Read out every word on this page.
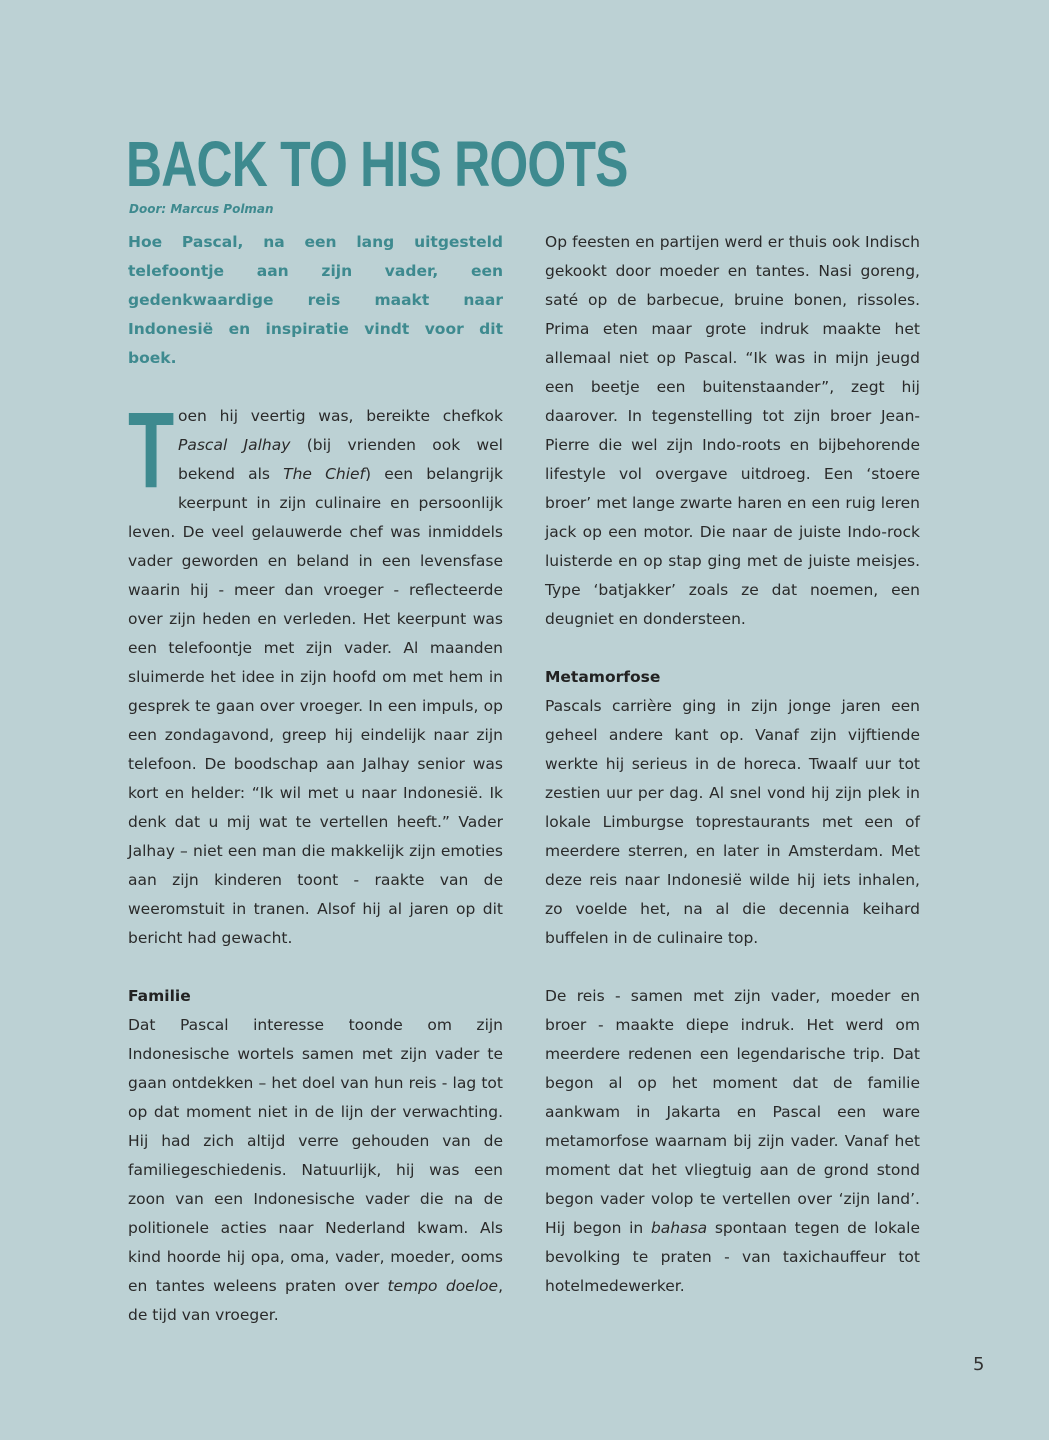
BACK TO HIS ROOTS
Door: Marcus Polman

Hoe Pascal, na een lang uitgesteld telefoontje aan zijn vader, een gedenkwaardige reis maakt naar Indonesië en inspiratie vindt voor dit boek.

Toen hij veertig was, bereikte chefkok Pascal Jalhay (bij vrienden ook wel bekend als The Chief) een belangrijk keerpunt in zijn culinaire en persoonlijk leven. De veel gelauwerde chef was inmiddels vader geworden en beland in een levensfase waarin hij - meer dan vroeger - reflecteerde over zijn heden en verleden. Het keerpunt was een telefoontje met zijn vader. Al maanden sluimerde het idee in zijn hoofd om met hem in gesprek te gaan over vroeger. In een impuls, op een zondagavond, greep hij eindelijk naar zijn telefoon. De boodschap aan Jalhay senior was kort en helder: “Ik wil met u naar Indonesië. Ik denk dat u mij wat te vertellen heeft.” Vader Jalhay – niet een man die makkelijk zijn emoties aan zijn kinderen toont - raakte van de weeromstuit in tranen. Alsof hij al jaren op dit bericht had gewacht.

Familie

Dat Pascal interesse toonde om zijn Indonesische wortels samen met zijn vader te gaan ontdekken – het doel van hun reis - lag tot op dat moment niet in de lijn der verwachting. Hij had zich altijd verre gehouden van de familiegeschiedenis. Natuurlijk, hij was een zoon van een Indonesische vader die na de politionele acties naar Nederland kwam. Als kind hoorde hij opa, oma, vader, moeder, ooms en tantes weleens praten over tempo doeloe, de tijd van vroeger.

Op feesten en partijen werd er thuis ook Indisch gekookt door moeder en tantes. Nasi goreng, saté op de barbecue, bruine bonen, rissoles. Prima eten maar grote indruk maakte het allemaal niet op Pascal. “Ik was in mijn jeugd een beetje een buitenstaander”, zegt hij daarover. In tegenstelling tot zijn broer Jean-Pierre die wel zijn Indo-roots en bijbehorende lifestyle vol overgave uitdroeg. Een ‘stoere broer’ met lange zwarte haren en een ruig leren jack op een motor. Die naar de juiste Indo-rock luisterde en op stap ging met de juiste meisjes. Type ‘batjakker’ zoals ze dat noemen, een deugniet en dondersteen.

Metamorfose

Pascals carrière ging in zijn jonge jaren een geheel andere kant op. Vanaf zijn vijftiende werkte hij serieus in de horeca. Twaalf uur tot zestien uur per dag. Al snel vond hij zijn plek in lokale Limburgse toprestaurants met een of meerdere sterren, en later in Amsterdam. Met deze reis naar Indonesië wilde hij iets inhalen, zo voelde het, na al die decennia keihard buffelen in de culinaire top.

De reis - samen met zijn vader, moeder en broer - maakte diepe indruk. Het werd om meerdere redenen een legendarische trip. Dat begon al op het moment dat de familie aankwam in Jakarta en Pascal een ware metamorfose waarnam bij zijn vader. Vanaf het moment dat het vliegtuig aan de grond stond begon vader volop te vertellen over ‘zijn land’. Hij begon in bahasa spontaan tegen de lokale bevolking te praten - van taxichauffeur tot hotelmedewerker.

5
